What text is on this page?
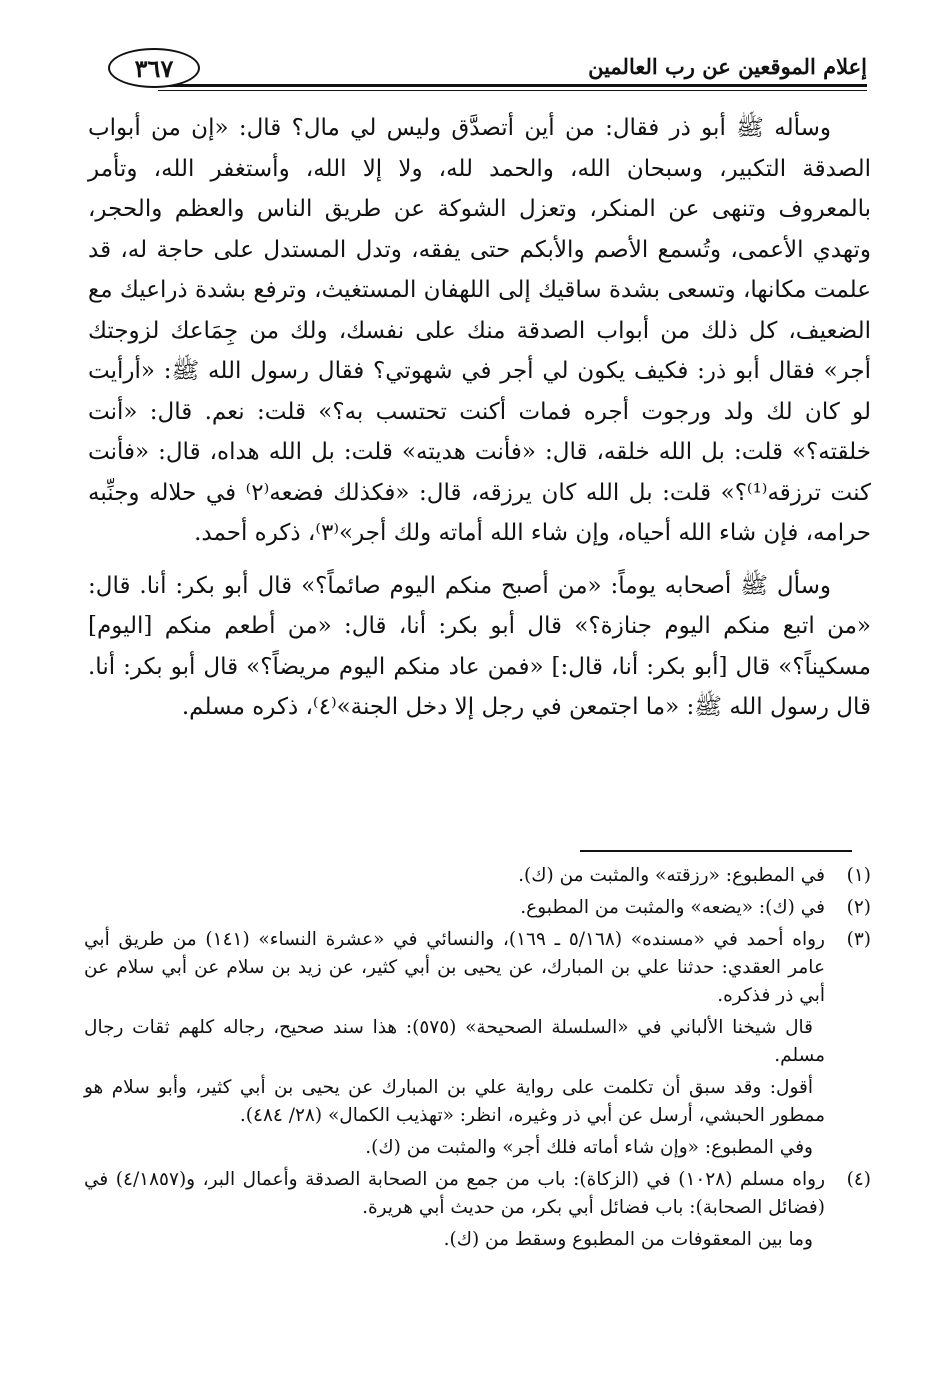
إعلام الموقعين عن رب العالمين
٣٦٧

وسأله ﷺ أبو ذر فقال: من أين أتصدَّق وليس لي مال؟ قال: «إن من أبواب الصدقة التكبير، وسبحان الله، والحمد لله، ولا إلا الله، وأستغفر الله، وتأمر بالمعروف وتنهى عن المنكر، وتعزل الشوكة عن طريق الناس والعظم والحجر، وتهدي الأعمى، وتُسمع الأصم والأبكم حتى يفقه، وتدل المستدل على حاجة له، قد علمت مكانها، وتسعى بشدة ساقيك إلى اللهفان المستغيث، وترفع بشدة ذراعيك مع الضعيف، كل ذلك من أبواب الصدقة منك على نفسك، ولك من جِمَاعك لزوجتك أجر» فقال أبو ذر: فكيف يكون لي أجر في شهوتي؟ فقال رسول الله ﷺ: «أرأيت لو كان لك ولد ورجوت أجره فمات أكنت تحتسب به؟» قلت: نعم. قال: «أنت خلقته؟» قلت: بل الله خلقه، قال: «فأنت هديته» قلت: بل الله هداه، قال: «فأنت كنت ترزقه⁽¹⁾؟» قلت: بل الله كان يرزقه، قال: «فكذلك فضعه⁽٢⁾ في حلاله وجنِّبه حرامه، فإن شاء الله أحياه، وإن شاء الله أماته ولك أجر»⁽٣⁾، ذكره أحمد.

وسأل ﷺ أصحابه يوماً: «من أصبح منكم اليوم صائماً؟» قال أبو بكر: أنا. قال: «من اتبع منكم اليوم جنازة؟» قال أبو بكر: أنا، قال: «من أطعم منكم [اليوم] مسكيناً؟» قال [أبو بكر: أنا، قال:] «فمن عاد منكم اليوم مريضاً؟» قال أبو بكر: أنا. قال رسول الله ﷺ: «ما اجتمعن في رجل إلا دخل الجنة»⁽٤⁾، ذكره مسلم.

(١)

في المطبوع: «رزقته» والمثبت من (ك).

(٢)

في (ك): «يضعه» والمثبت من المطبوع.

(٣)

رواه أحمد في «مسنده» (٥/١٦٨ ـ ١٦٩)، والنسائي في «عشرة النساء» (١٤١) من طريق أبي عامر العقدي: حدثنا علي بن المبارك، عن يحيى بن أبي كثير، عن زيد بن سلام عن أبي سلام عن أبي ذر فذكره.

قال شيخنا الألباني في «السلسلة الصحيحة» (٥٧٥): هذا سند صحيح، رجاله كلهم ثقات رجال مسلم.

أقول: وقد سبق أن تكلمت على رواية علي بن المبارك عن يحيى بن أبي كثير، وأبو سلام هو ممطور الحبشي، أرسل عن أبي ذر وغيره، انظر: «تهذيب الكمال» (٢٨/ ٤٨٤).

وفي المطبوع: «وإن شاء أماته فلك أجر» والمثبت من (ك).

(٤)

رواه مسلم (١٠٢٨) في (الزكاة): باب من جمع من الصحابة الصدقة وأعمال البر، و(٤/١٨٥٧) في (فضائل الصحابة): باب فضائل أبي بكر، من حديث أبي هريرة.

وما بين المعقوفات من المطبوع وسقط من (ك).
